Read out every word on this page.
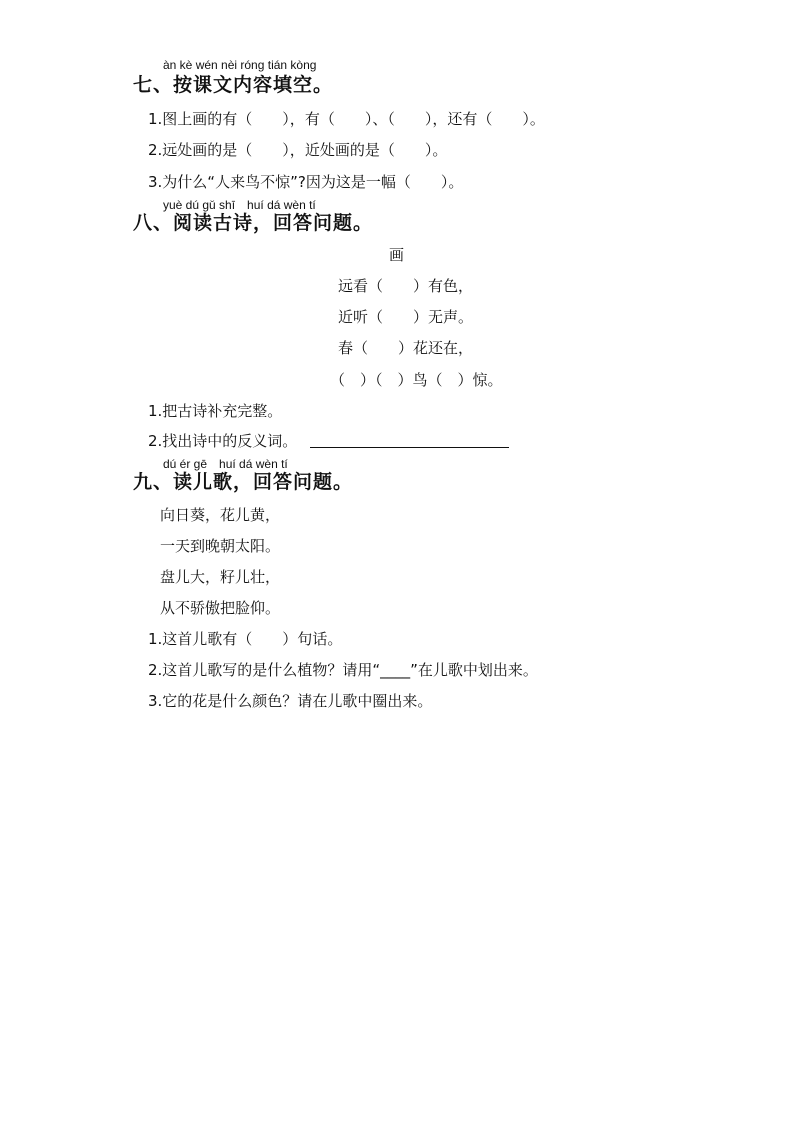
àn kè wén nèi róng tián kòng
七、按课文内容填空。
1.图上画的有（　　），有（　　）、（　　），还有（　　）。
2.远处画的是（　　），近处画的是（　　）。
3.为什么“人来鸟不惊”?因为这是一幅（　　）。
yuè dú gǔ shī　huí dá wèn tí
八、阅读古诗，回答问题。
画
远看（　　）有色，
近听（　　）无声。
春（　　）花还在，
（　）（　）鸟（　）惊。
1.把古诗补充完整。
2.找出诗中的反义词。
dú ér gē　huí dá wèn tí
九、读儿歌，回答问题。
向日葵，花儿黄，
一天到晚朝太阳。
盘儿大，籽儿壮，
从不骄傲把脸仰。
1.这首儿歌有（　　）句话。
2.这首儿歌写的是什么植物？请用“____”在儿歌中划出来。
3.它的花是什么颜色？请在儿歌中圈出来。
